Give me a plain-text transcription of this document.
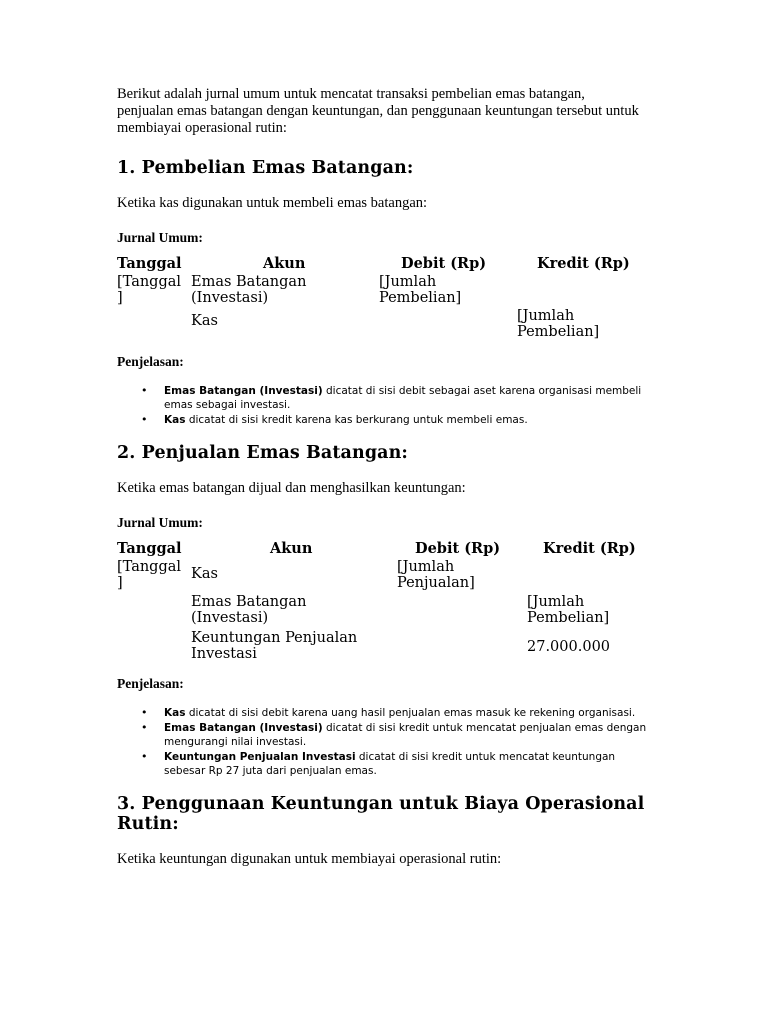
Berikut adalah jurnal umum untuk mencatat transaksi pembelian emas batangan, penjualan emas batangan dengan keuntungan, dan penggunaan keuntungan tersebut untuk membiayai operasional rutin:

1. Pembelian Emas Batangan:

Ketika kas digunakan untuk membeli emas batangan:

Jurnal Umum:

Tanggal	Akun	Debit (Rp)	Kredit (Rp)
[Tanggal ]	Emas Batangan (Investasi)	[Jumlah Pembelian]	
	Kas		[Jumlah Pembelian]

Penjelasan:

• Emas Batangan (Investasi) dicatat di sisi debit sebagai aset karena organisasi membeli emas sebagai investasi.
• Kas dicatat di sisi kredit karena kas berkurang untuk membeli emas.
2. Penjualan Emas Batangan:

Ketika emas batangan dijual dan menghasilkan keuntungan:

Jurnal Umum:

Tanggal	Akun	Debit (Rp)	Kredit (Rp)
[Tanggal ]	Kas	[Jumlah Penjualan]	
	Emas Batangan (Investasi)		[Jumlah Pembelian]
	Keuntungan Penjualan Investasi		27.000.000

Penjelasan:

• Kas dicatat di sisi debit karena uang hasil penjualan emas masuk ke rekening organisasi.
• Emas Batangan (Investasi) dicatat di sisi kredit untuk mencatat penjualan emas dengan mengurangi nilai investasi.
• Keuntungan Penjualan Investasi dicatat di sisi kredit untuk mencatat keuntungan sebesar Rp 27 juta dari penjualan emas.
3. Penggunaan Keuntungan untuk Biaya Operasional Rutin:

Ketika keuntungan digunakan untuk membiayai operasional rutin:
